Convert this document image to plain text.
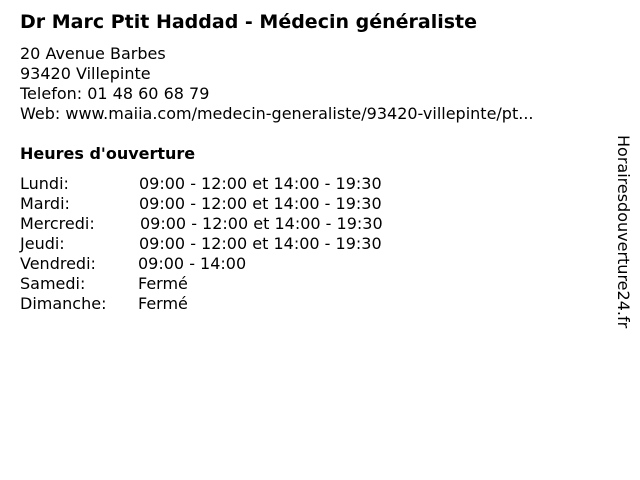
Dr Marc Ptit Haddad - Médecin généraliste
20 Avenue Barbes
93420 Villepinte
Telefon: 01 48 60 68 79
Web: www.maiia.com/medecin-generaliste/93420-villepinte/pt...
Heures d'ouverture
Lundi:	09:00 - 12:00 et 14:00 - 19:30
Mardi:	09:00 - 12:00 et 14:00 - 19:30
Mercredi:	09:00 - 12:00 et 14:00 - 19:30
Jeudi:	09:00 - 12:00 et 14:00 - 19:30
Vendredi:	09:00 - 14:00
Samedi:	Fermé
Dimanche: Fermé	Horairesdouverture24.fr
